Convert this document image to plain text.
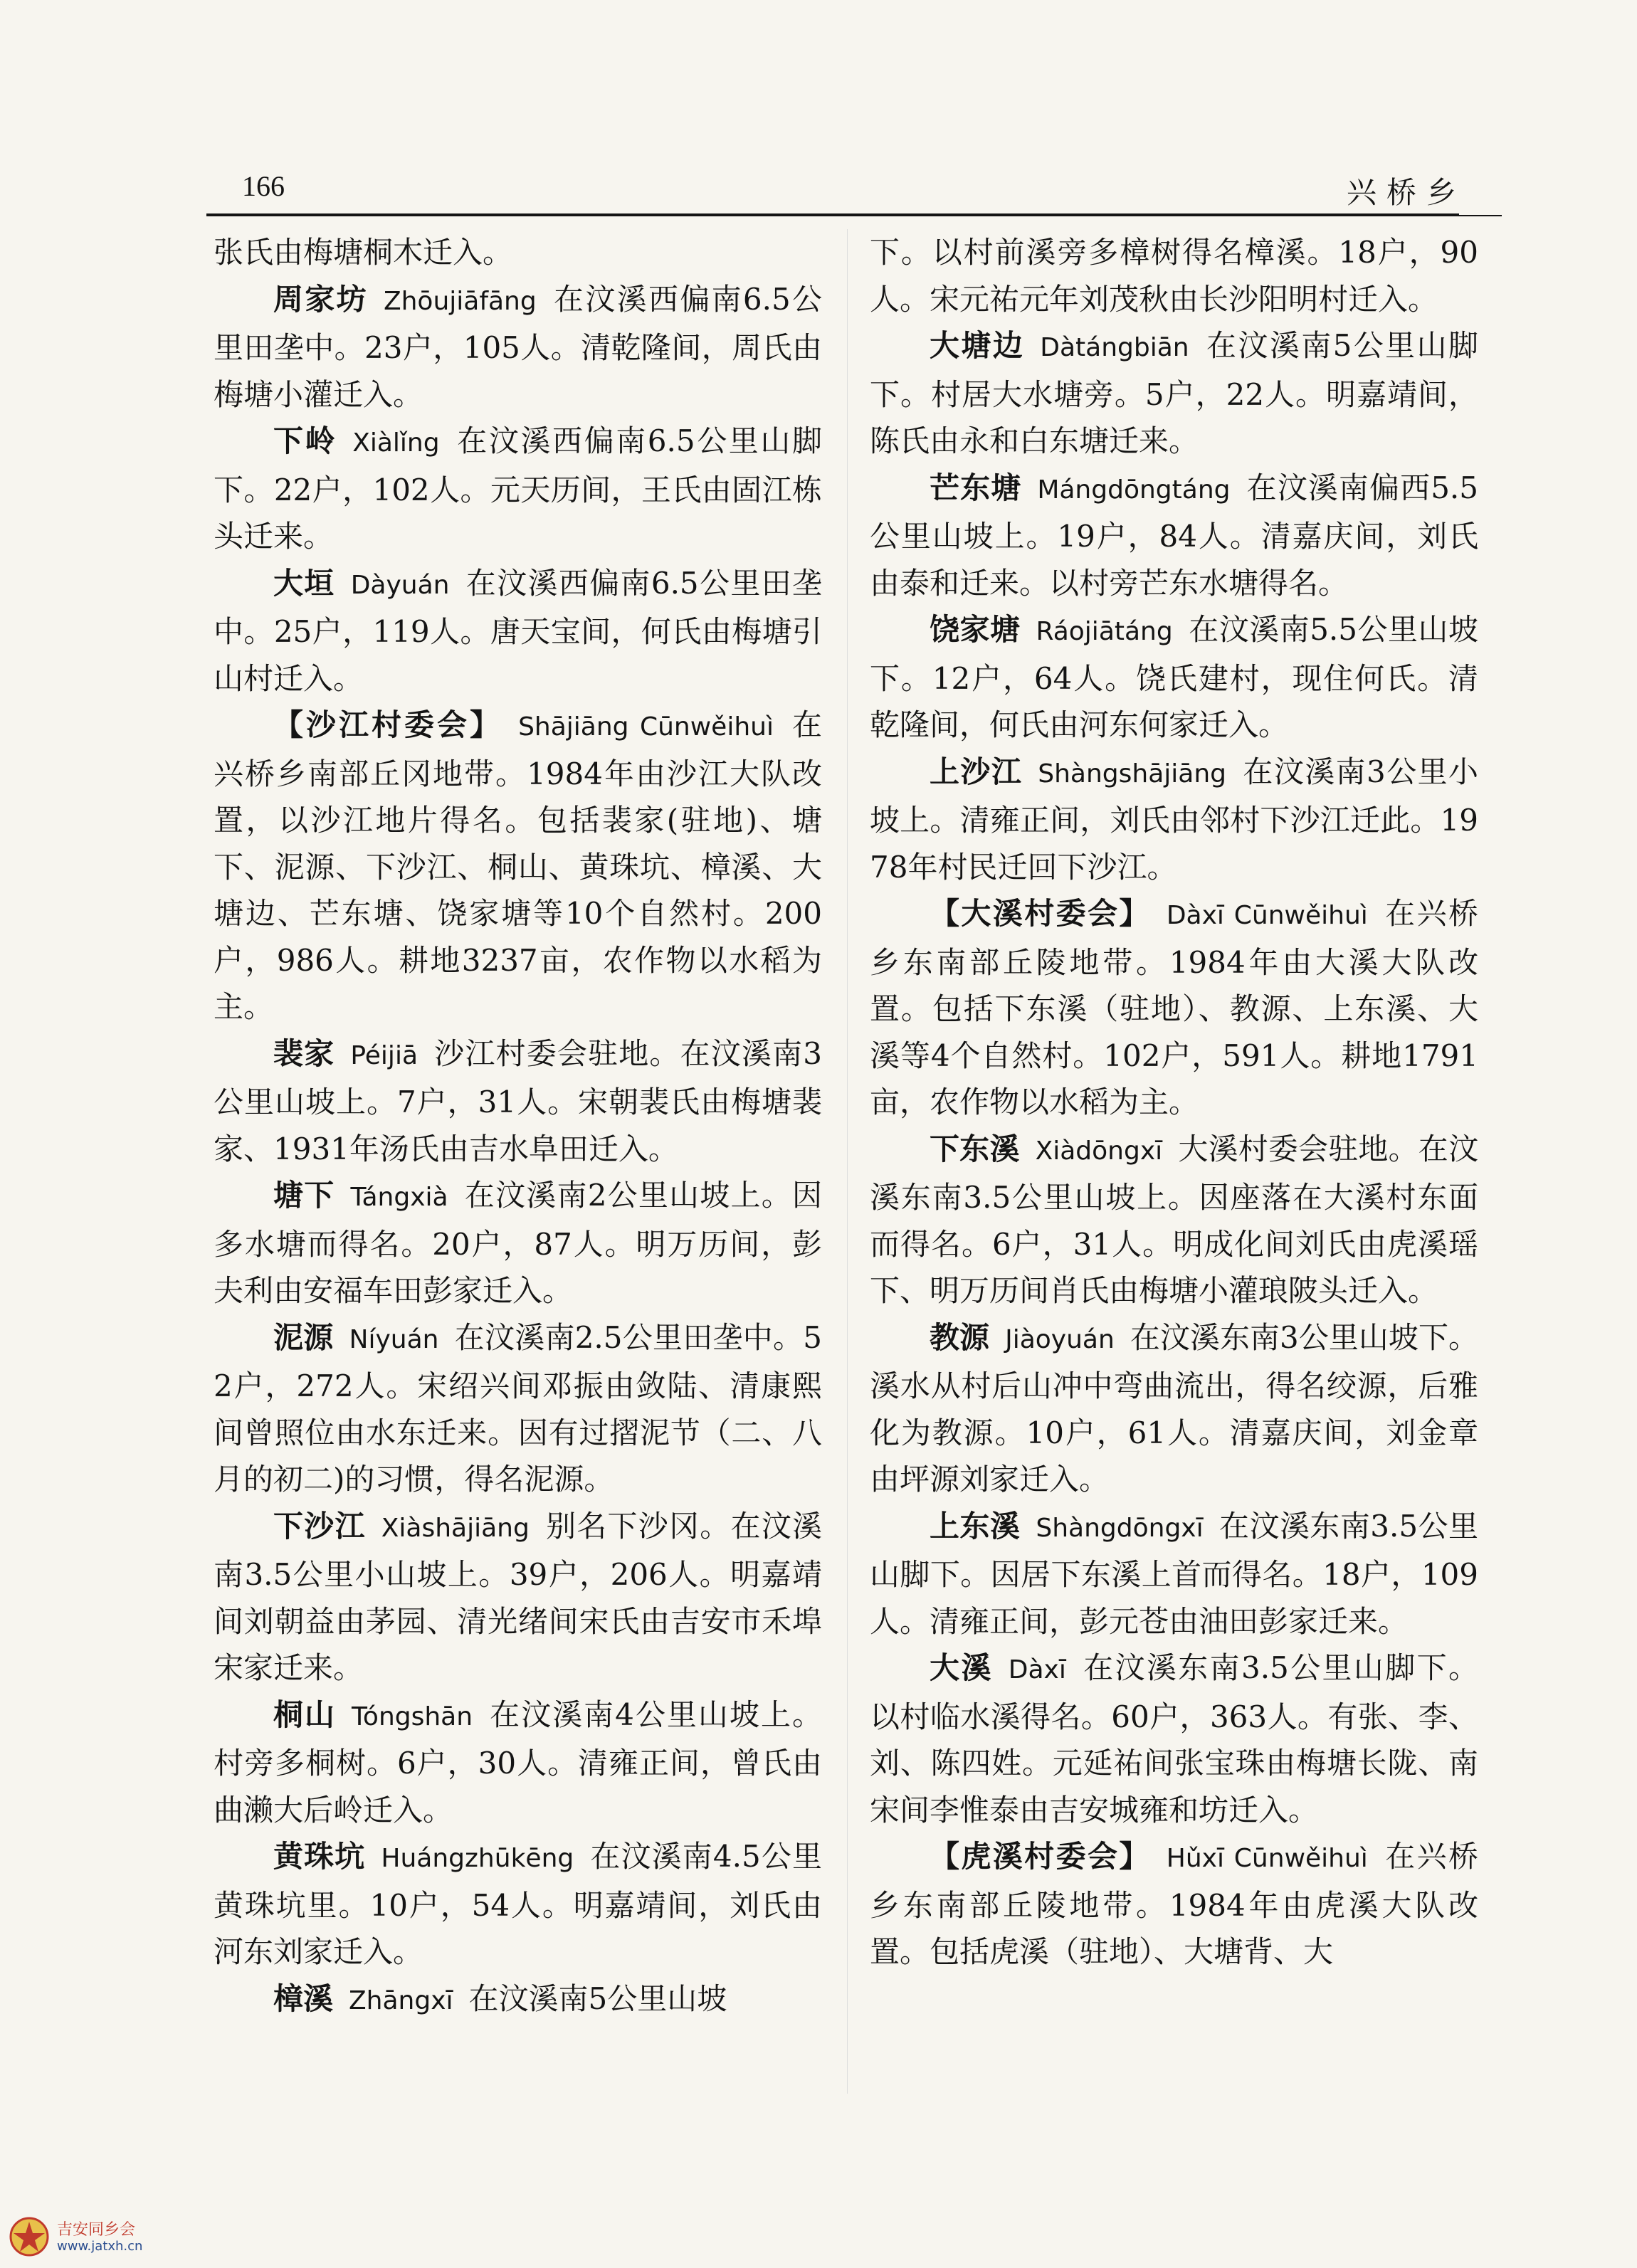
166	兴桥乡

张氏由梅塘桐木迁入。

周家坊 Zhōujiāfāng 在汶溪西偏南6.5公里田垄中。23户，105人。清乾隆间，周氏由梅塘小灌迁入。

下岭 Xiàlǐng 在汶溪西偏南6.5公里山脚下。22户，102人。元天历间，王氏由固江栋头迁来。

大垣 Dàyuán 在汶溪西偏南6.5公里田垄中。25户，119人。唐天宝间，何氏由梅塘引山村迁入。

【沙江村委会】 Shājiāng Cūnwěihuì 在兴桥乡南部丘冈地带。1984年由沙江大队改置，以沙江地片得名。包括裴家(驻地)、塘下、泥源、下沙江、桐山、黄珠坑、樟溪、大塘边、芒东塘、饶家塘等10个自然村。200户，986人。耕地3237亩，农作物以水稻为主。

裴家 Péijiā 沙江村委会驻地。在汶溪南3公里山坡上。7户，31人。宋朝裴氏由梅塘裴家、1931年汤氏由吉水阜田迁入。

塘下 Tángxià 在汶溪南2公里山坡上。因多水塘而得名。20户，87人。明万历间，彭夫利由安福车田彭家迁入。

泥源 Níyuán 在汶溪南2.5公里田垄中。52户，272人。宋绍兴间邓振由敛陆、清康熙间曾照位由水东迁来。因有过摺泥节（二、八月的初二)的习惯，得名泥源。

下沙江 Xiàshājiāng 别名下沙冈。在汶溪南3.5公里小山坡上。39户，206人。明嘉靖间刘朝益由茅园、清光绪间宋氏由吉安市禾埠宋家迁来。

桐山 Tóngshān 在汶溪南4公里山坡上。村旁多桐树。6户，30人。清雍正间，曾氏由曲濑大后岭迁入。

黄珠坑 Huángzhūkēng 在汶溪南4.5公里黄珠坑里。10户，54人。明嘉靖间，刘氏由河东刘家迁入。

樟溪 Zhāngxī 在汶溪南5公里山坡

下。以村前溪旁多樟树得名樟溪。18户，90人。宋元祐元年刘茂秋由长沙阳明村迁入。

大塘边 Dàtángbiān 在汶溪南5公里山脚下。村居大水塘旁。5户，22人。明嘉靖间，陈氏由永和白东塘迁来。

芒东塘 Mángdōngtáng 在汶溪南偏西5.5公里山坡上。19户，84人。清嘉庆间，刘氏由泰和迁来。以村旁芒东水塘得名。

饶家塘 Ráojiātáng 在汶溪南5.5公里山坡下。12户，64人。饶氏建村，现住何氏。清乾隆间，何氏由河东何家迁入。

上沙江 Shàngshājiāng 在汶溪南3公里小坡上。清雍正间，刘氏由邻村下沙江迁此。1978年村民迁回下沙江。

【大溪村委会】 Dàxī Cūnwěihuì 在兴桥乡东南部丘陵地带。1984年由大溪大队改置。包括下东溪（驻地）、教源、上东溪、大溪等4个自然村。102户，591人。耕地1791亩，农作物以水稻为主。

下东溪 Xiàdōngxī 大溪村委会驻地。在汶溪东南3.5公里山坡上。因座落在大溪村东面而得名。6户，31人。明成化间刘氏由虎溪瑶下、明万历间肖氏由梅塘小灌琅陂头迁入。

教源 Jiàoyuán 在汶溪东南3公里山坡下。溪水从村后山冲中弯曲流出，得名绞源，后雅化为教源。10户，61人。清嘉庆间，刘金章由坪源刘家迁入。

上东溪 Shàngdōngxī 在汶溪东南3.5公里山脚下。因居下东溪上首而得名。18户，109人。清雍正间，彭元苍由油田彭家迁来。

大溪 Dàxī 在汶溪东南3.5公里山脚下。以村临水溪得名。60户，363人。有张、李、刘、陈四姓。元延祐间张宝珠由梅塘长陇、南宋间李惟泰由吉安城雍和坊迁入。

【虎溪村委会】 Hǔxī Cūnwěihuì 在兴桥乡东南部丘陵地带。1984年由虎溪大队改置。包括虎溪（驻地）、大塘背、大

吉安同乡会
www.jatxh.cn
